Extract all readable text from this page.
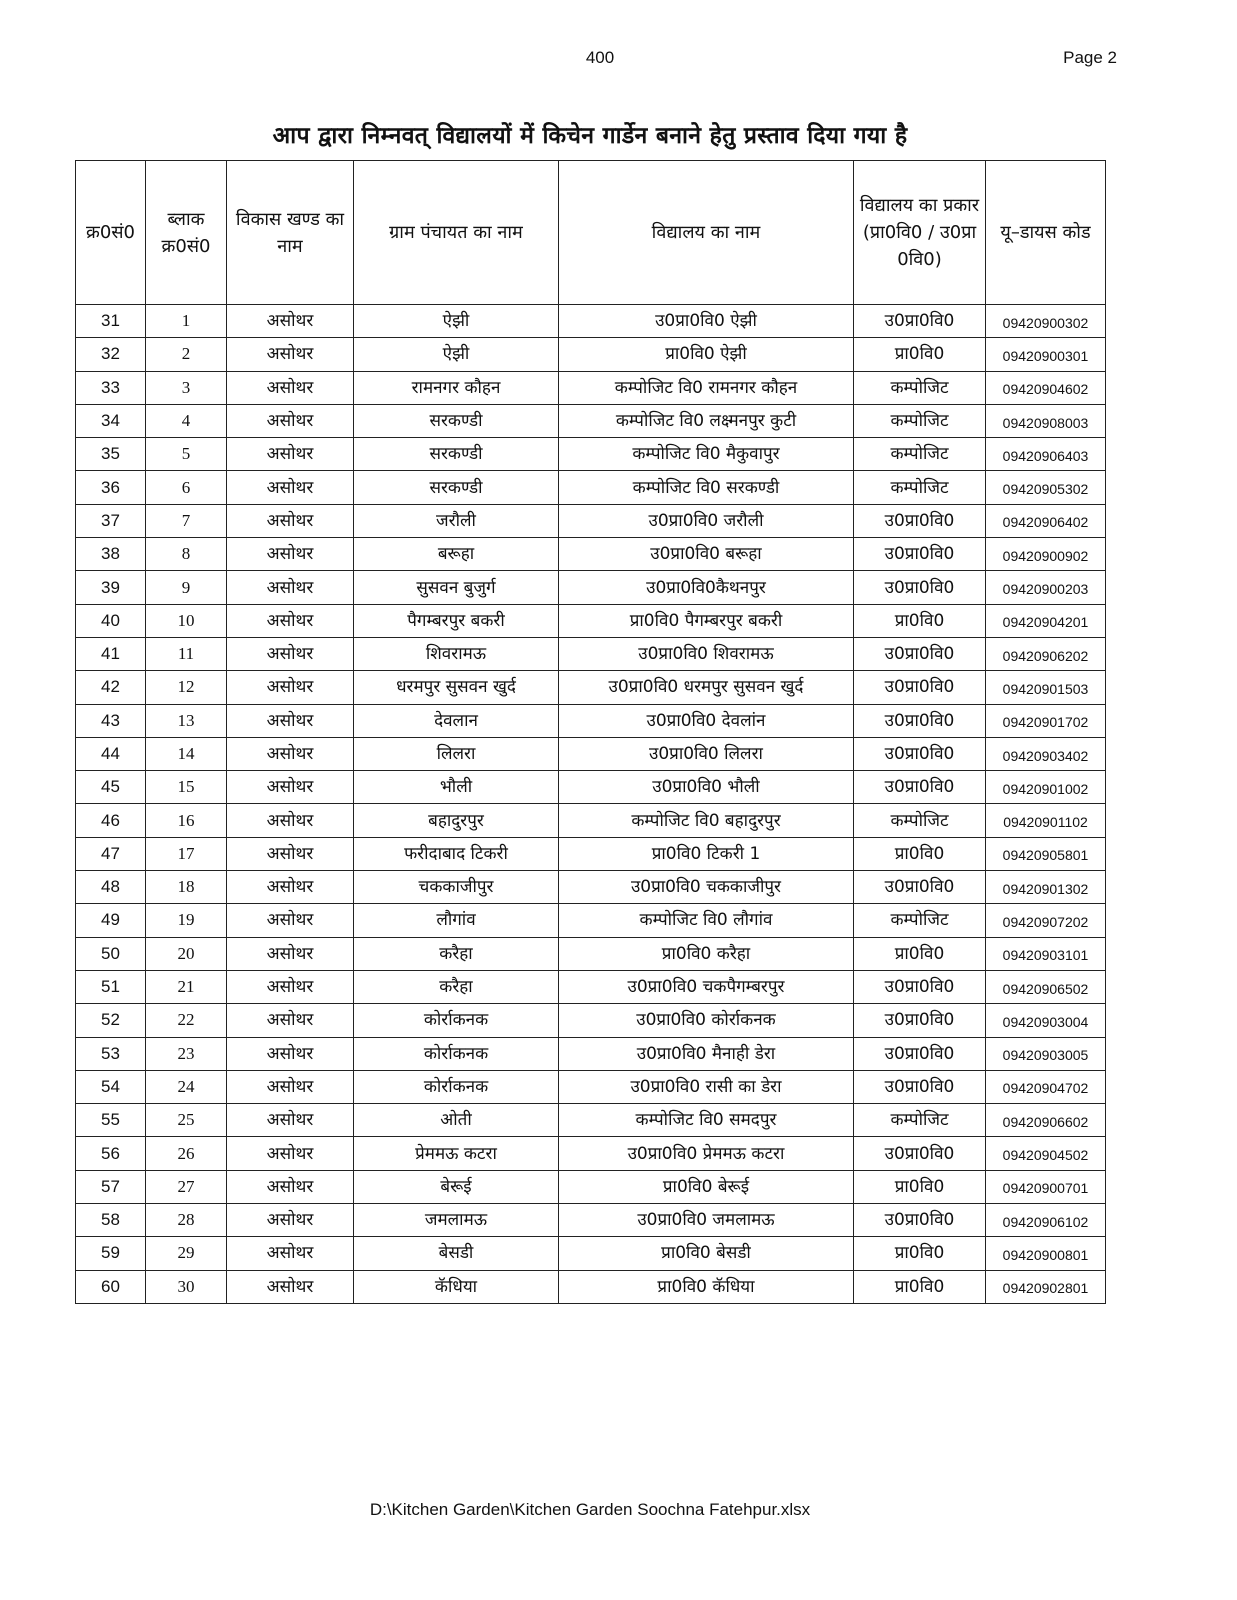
400	Page 2
आप द्वारा निम्नवत् विद्यालयों में किचेन गार्डेन बनाने हेतु प्रस्ताव दिया गया है
क्र0सं0	ब्लाक क्र0सं0	विकास खण्ड का नाम	ग्राम पंचायत का नाम	विद्यालय का नाम	विद्यालय का प्रकार (प्रा0वि0 / उ0प्रा 0वि0)	यू–डायस कोड
31	1	असोथर	ऐझी	उ0प्रा0वि0 ऐझी	उ0प्रा0वि0	09420900302
32	2	असोथर	ऐझी	प्रा0वि0 ऐझी	प्रा0वि0	09420900301
33	3	असोथर	रामनगर कौहन	कम्पोजिट वि0 रामनगर कौहन	कम्पोजिट	09420904602
34	4	असोथर	सरकण्डी	कम्पोजिट वि0 लक्ष्मनपुर कुटी	कम्पोजिट	09420908003
35	5	असोथर	सरकण्डी	कम्पोजिट वि0 मैकुवापुर	कम्पोजिट	09420906403
36	6	असोथर	सरकण्डी	कम्पोजिट वि0 सरकण्डी	कम्पोजिट	09420905302
37	7	असोथर	जरौली	उ0प्रा0वि0 जरौली	उ0प्रा0वि0	09420906402
38	8	असोथर	बरूहा	उ0प्रा0वि0 बरूहा	उ0प्रा0वि0	09420900902
39	9	असोथर	सुसवन बुजुर्ग	उ0प्रा0वि0कैथनपुर	उ0प्रा0वि0	09420900203
40	10	असोथर	पैगम्बरपुर बकरी	प्रा0वि0 पैगम्बरपुर बकरी	प्रा0वि0	09420904201
41	11	असोथर	शिवरामऊ	उ0प्रा0वि0 शिवरामऊ	उ0प्रा0वि0	09420906202
42	12	असोथर	धरमपुर सुसवन खुर्द	उ0प्रा0वि0 धरमपुर सुसवन खुर्द	उ0प्रा0वि0	09420901503
43	13	असोथर	देवलान	उ0प्रा0वि0 देवलांन	उ0प्रा0वि0	09420901702
44	14	असोथर	लिलरा	उ0प्रा0वि0 लिलरा	उ0प्रा0वि0	09420903402
45	15	असोथर	भौली	उ0प्रा0वि0 भौली	उ0प्रा0वि0	09420901002
46	16	असोथर	बहादुरपुर	कम्पोजिट वि0 बहादुरपुर	कम्पोजिट	09420901102
47	17	असोथर	फरीदाबाद टिकरी	प्रा0वि0 टिकरी 1	प्रा0वि0	09420905801
48	18	असोथर	चककाजीपुर	उ0प्रा0वि0 चककाजीपुर	उ0प्रा0वि0	09420901302
49	19	असोथर	लौगांव	कम्पोजिट वि0 लौगांव	कम्पोजिट	09420907202
50	20	असोथर	करैहा	प्रा0वि0 करैहा	प्रा0वि0	09420903101
51	21	असोथर	करैहा	उ0प्रा0वि0 चकपैगम्बरपुर	उ0प्रा0वि0	09420906502
52	22	असोथर	कोर्राकनक	उ0प्रा0वि0 कोर्राकनक	उ0प्रा0वि0	09420903004
53	23	असोथर	कोर्राकनक	उ0प्रा0वि0 मैनाही डेरा	उ0प्रा0वि0	09420903005
54	24	असोथर	कोर्राकनक	उ0प्रा0वि0 रासी का डेरा	उ0प्रा0वि0	09420904702
55	25	असोथर	ओती	कम्पोजिट वि0 समदपुर	कम्पोजिट	09420906602
56	26	असोथर	प्रेममऊ कटरा	उ0प्रा0वि0 प्रेममऊ कटरा	उ0प्रा0वि0	09420904502
57	27	असोथर	बेरूई	प्रा0वि0 बेरूई	प्रा0वि0	09420900701
58	28	असोथर	जमलामऊ	उ0प्रा0वि0 जमलामऊ	उ0प्रा0वि0	09420906102
59	29	असोथर	बेसडी	प्रा0वि0 बेसडी	प्रा0वि0	09420900801
60	30	असोथर	कॅधिया	प्रा0वि0 कॅधिया	प्रा0वि0	09420902801
D:\Kitchen Garden\Kitchen Garden Soochna Fatehpur.xlsx
